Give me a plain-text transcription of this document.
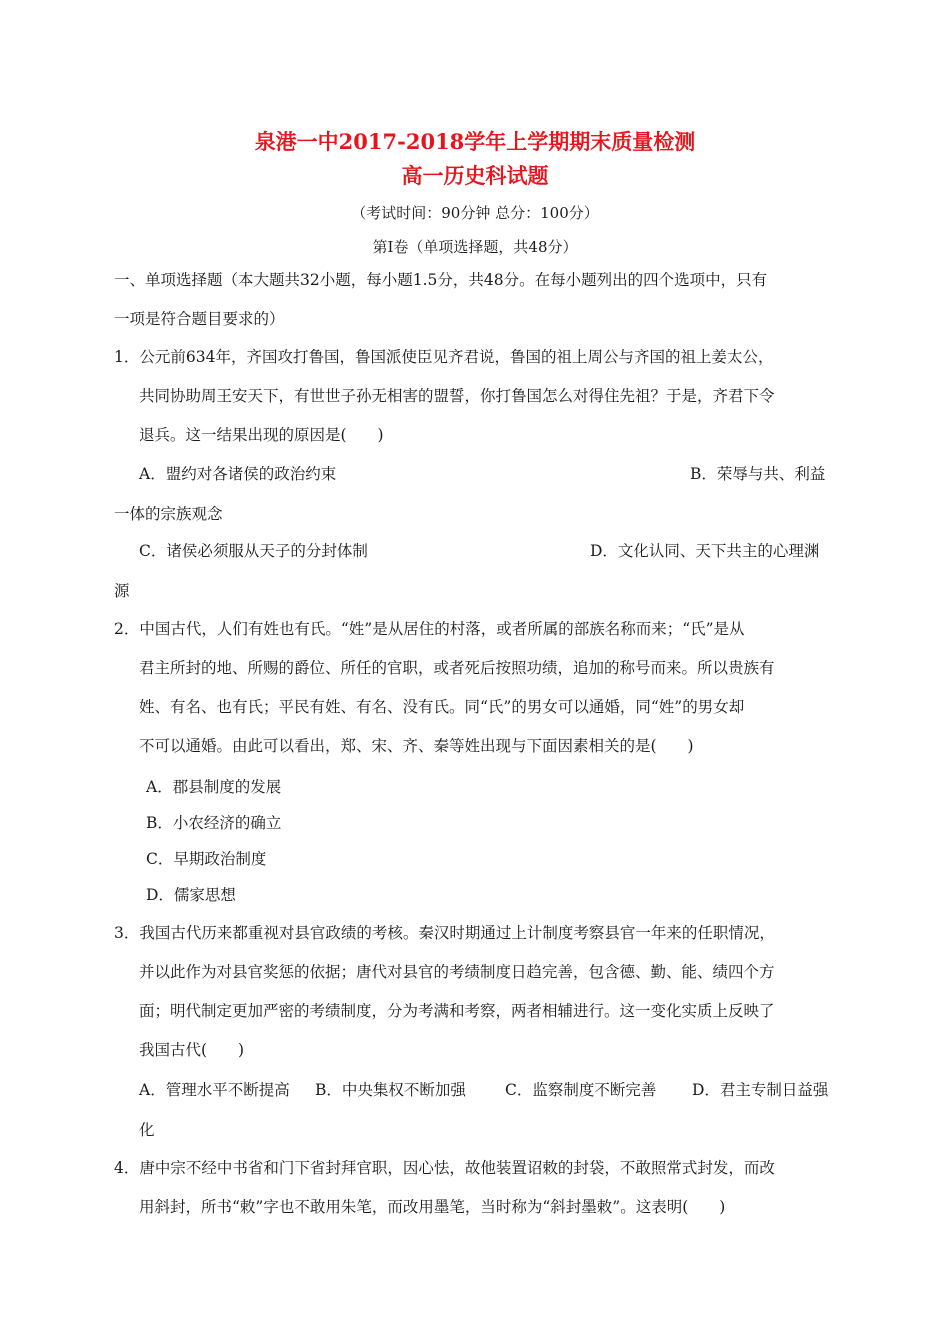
泉港一中2017-2018学年上学期期末质量检测
高一历史科试题
（考试时间：90分钟 总分：100分）
第I卷（单项选择题，共48分）
一、单项选择题（本大题共32小题，每小题1.5分，共48分。在每小题列出的四个选项中，只有
一项是符合题目要求的）
1．公元前634年，齐国攻打鲁国，鲁国派使臣见齐君说，鲁国的祖上周公与齐国的祖上姜太公，
共同协助周王安天下，有世世子孙无相害的盟誓，你打鲁国怎么对得住先祖？于是，齐君下令
退兵。这一结果出现的原因是(　　)
A．盟约对各诸侯的政治约束	B．荣辱与共、利益
一体的宗族观念
C．诸侯必须服从天子的分封体制	D．文化认同、天下共主的心理渊
源
2．中国古代，人们有姓也有氏。“姓”是从居住的村落，或者所属的部族名称而来；“氏”是从
君主所封的地、所赐的爵位、所任的官职，或者死后按照功绩，追加的称号而来。所以贵族有
姓、有名、也有氏；平民有姓、有名、没有氏。同“氏”的男女可以通婚，同“姓”的男女却
不可以通婚。由此可以看出，郑、宋、齐、秦等姓出现与下面因素相关的是(　　)
A．郡县制度的发展
B．小农经济的确立
C．早期政治制度
D．儒家思想
3．我国古代历来都重视对县官政绩的考核。秦汉时期通过上计制度考察县官一年来的任职情况，
并以此作为对县官奖惩的依据；唐代对县官的考绩制度日趋完善，包含德、勤、能、绩四个方
面；明代制定更加严密的考绩制度，分为考满和考察，两者相辅进行。这一变化实质上反映了
我国古代(　　)
A．管理水平不断提高 B．中央集权不断加强	C．监察制度不断完善 D．君主专制日益强
化
4．唐中宗不经中书省和门下省封拜官职，因心怯，故他装置诏敕的封袋，不敢照常式封发，而改
用斜封，所书“敕”字也不敢用朱笔，而改用墨笔，当时称为“斜封墨敕”。这表明(　　)
